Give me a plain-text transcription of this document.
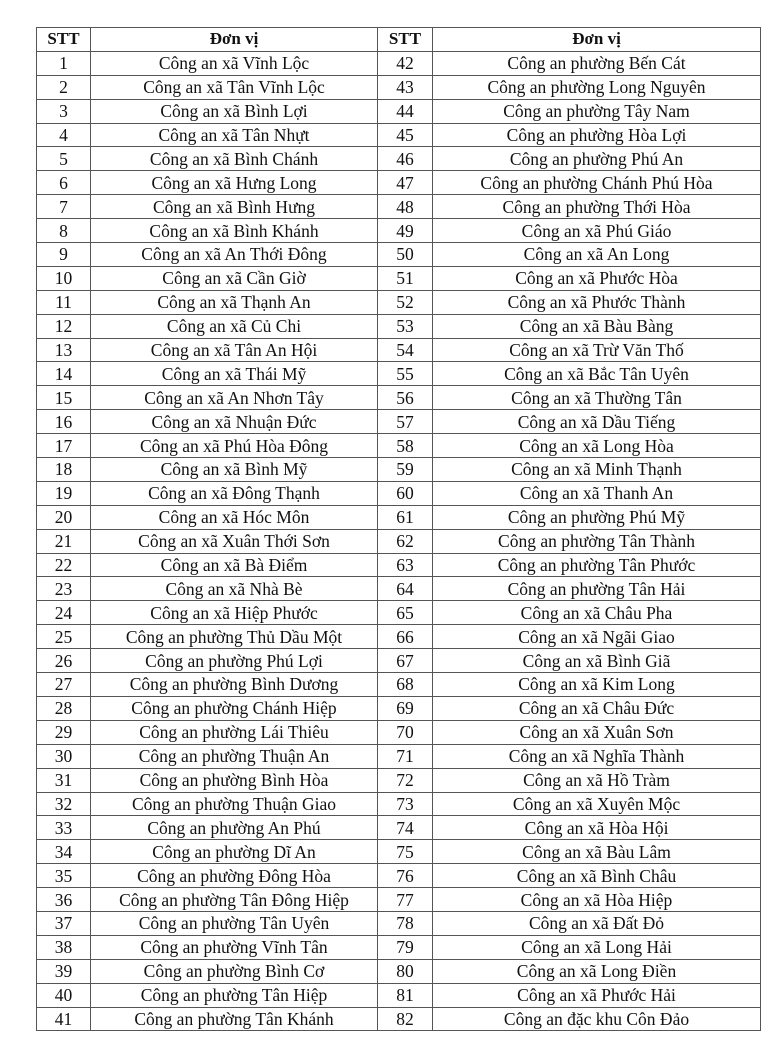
STT	Đơn vị	STT	Đơn vị
1	Công an xã Vĩnh Lộc	42	Công an phường Bến Cát
2	Công an xã Tân Vĩnh Lộc	43	Công an phường Long Nguyên
3	Công an xã Bình Lợi	44	Công an phường Tây Nam
4	Công an xã Tân Nhựt	45	Công an phường Hòa Lợi
5	Công an xã Bình Chánh	46	Công an phường Phú An
6	Công an xã Hưng Long	47	Công an phường Chánh Phú Hòa
7	Công an xã Bình Hưng	48	Công an phường Thới Hòa
8	Công an xã Bình Khánh	49	Công an xã Phú Giáo
9	Công an xã An Thới Đông	50	Công an xã An Long
10	Công an xã Cần Giờ	51	Công an xã Phước Hòa
11	Công an xã Thạnh An	52	Công an xã Phước Thành
12	Công an xã Củ Chi	53	Công an xã Bàu Bàng
13	Công an xã Tân An Hội	54	Công an xã Trừ Văn Thố
14	Công an xã Thái Mỹ	55	Công an xã Bắc Tân Uyên
15	Công an xã An Nhơn Tây	56	Công an xã Thường Tân
16	Công an xã Nhuận Đức	57	Công an xã Dầu Tiếng
17	Công an xã Phú Hòa Đông	58	Công an xã Long Hòa
18	Công an xã Bình Mỹ	59	Công an xã Minh Thạnh
19	Công an xã Đông Thạnh	60	Công an xã Thanh An
20	Công an xã Hóc Môn	61	Công an phường Phú Mỹ
21	Công an xã Xuân Thới Sơn	62	Công an phường Tân Thành
22	Công an xã Bà Điểm	63	Công an phường Tân Phước
23	Công an xã Nhà Bè	64	Công an phường Tân Hải
24	Công an xã Hiệp Phước	65	Công an xã Châu Pha
25	Công an phường Thủ Dầu Một	66	Công an xã Ngãi Giao
26	Công an phường Phú Lợi	67	Công an xã Bình Giã
27	Công an phường Bình Dương	68	Công an xã Kim Long
28	Công an phường Chánh Hiệp	69	Công an xã Châu Đức
29	Công an phường Lái Thiêu	70	Công an xã Xuân Sơn
30	Công an phường Thuận An	71	Công an xã Nghĩa Thành
31	Công an phường Bình Hòa	72	Công an xã Hồ Tràm
32	Công an phường Thuận Giao	73	Công an xã Xuyên Mộc
33	Công an phường An Phú	74	Công an xã Hòa Hội
34	Công an phường Dĩ An	75	Công an xã Bàu Lâm
35	Công an phường Đông Hòa	76	Công an xã Bình Châu
36	Công an phường Tân Đông Hiệp	77	Công an xã Hòa Hiệp
37	Công an phường Tân Uyên	78	Công an xã Đất Đỏ
38	Công an phường Vĩnh Tân	79	Công an xã Long Hải
39	Công an phường Bình Cơ	80	Công an xã Long Điền
40	Công an phường Tân Hiệp	81	Công an xã Phước Hải
41	Công an phường Tân Khánh	82	Công an đặc khu Côn Đảo
